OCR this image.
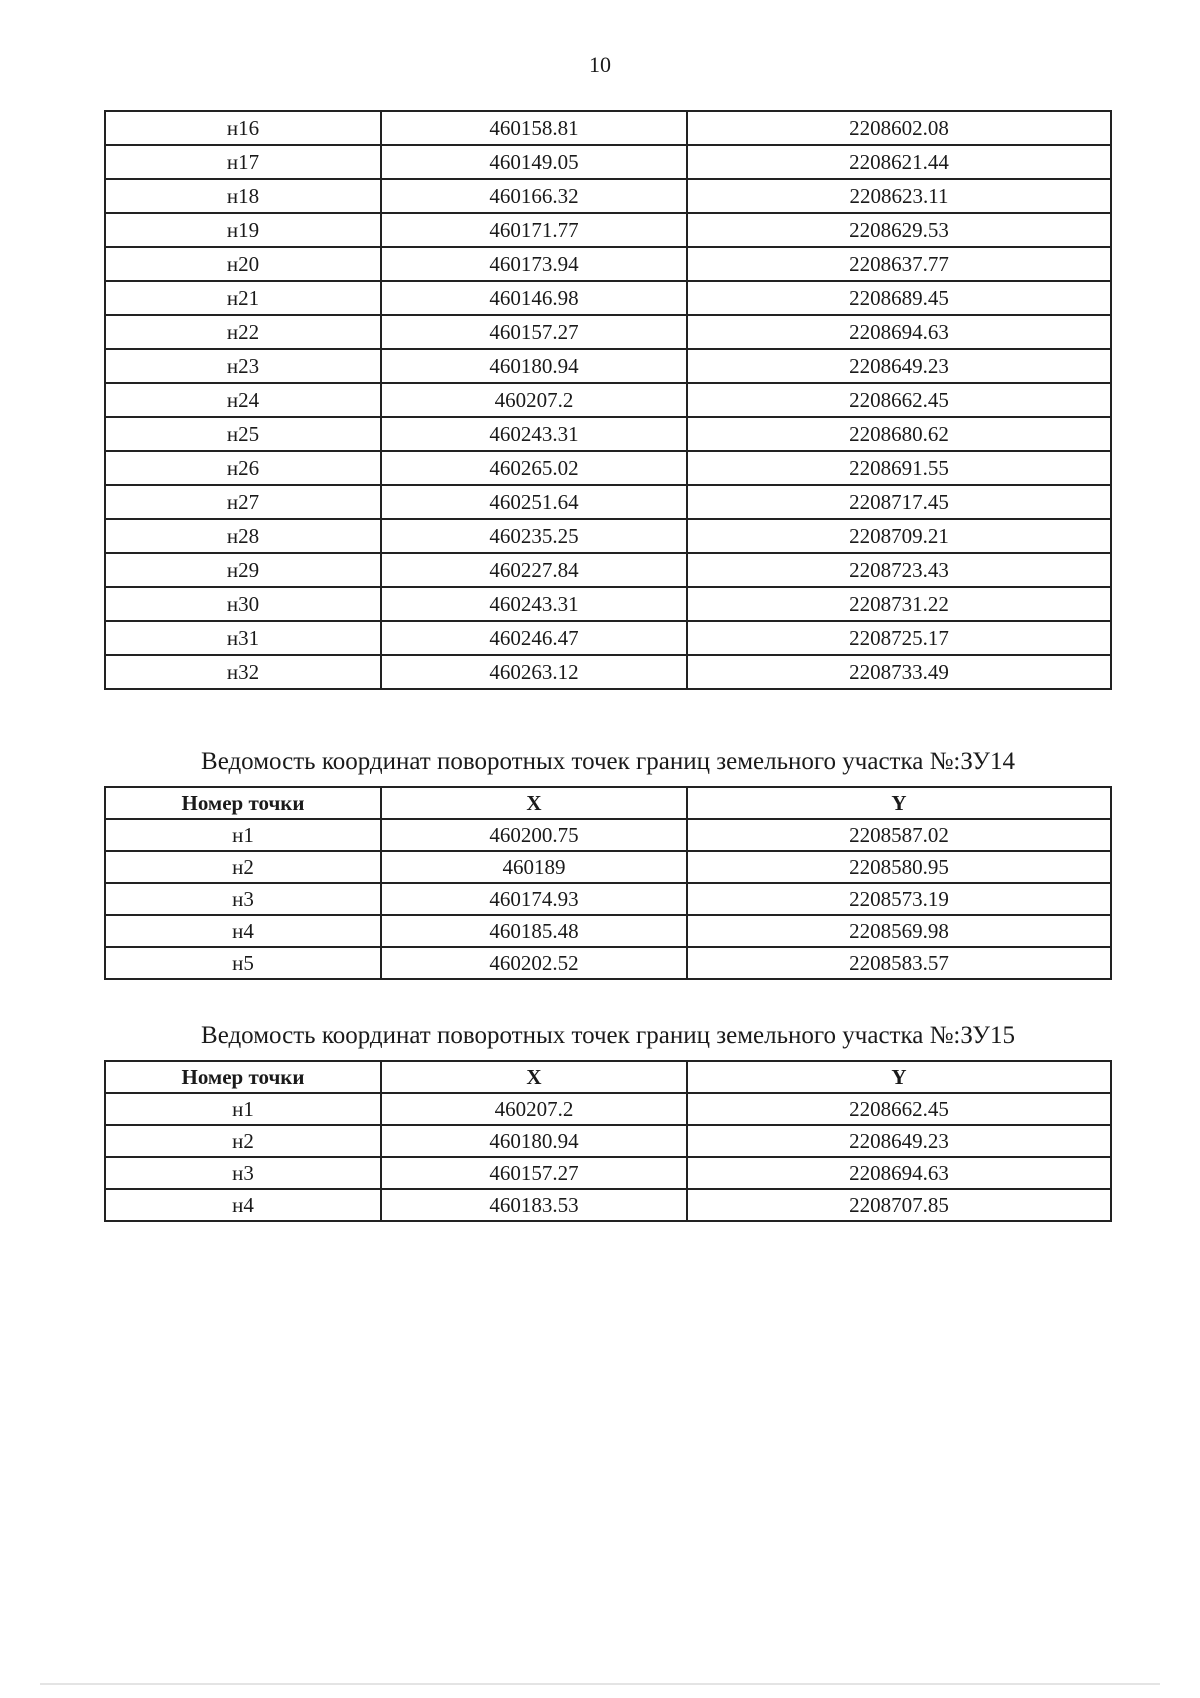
10
н16	460158.81	2208602.08
н17	460149.05	2208621.44
н18	460166.32	2208623.11
н19	460171.77	2208629.53
н20	460173.94	2208637.77
н21	460146.98	2208689.45
н22	460157.27	2208694.63
н23	460180.94	2208649.23
н24	460207.2	2208662.45
н25	460243.31	2208680.62
н26	460265.02	2208691.55
н27	460251.64	2208717.45
н28	460235.25	2208709.21
н29	460227.84	2208723.43
н30	460243.31	2208731.22
н31	460246.47	2208725.17
н32	460263.12	2208733.49
Ведомость координат поворотных точек границ земельного участка №:ЗУ14
Номер точки	X	Y
н1	460200.75	2208587.02
н2	460189	2208580.95
н3	460174.93	2208573.19
н4	460185.48	2208569.98
н5	460202.52	2208583.57
Ведомость координат поворотных точек границ земельного участка №:ЗУ15
Номер точки	X	Y
н1	460207.2	2208662.45
н2	460180.94	2208649.23
н3	460157.27	2208694.63
н4	460183.53	2208707.85
